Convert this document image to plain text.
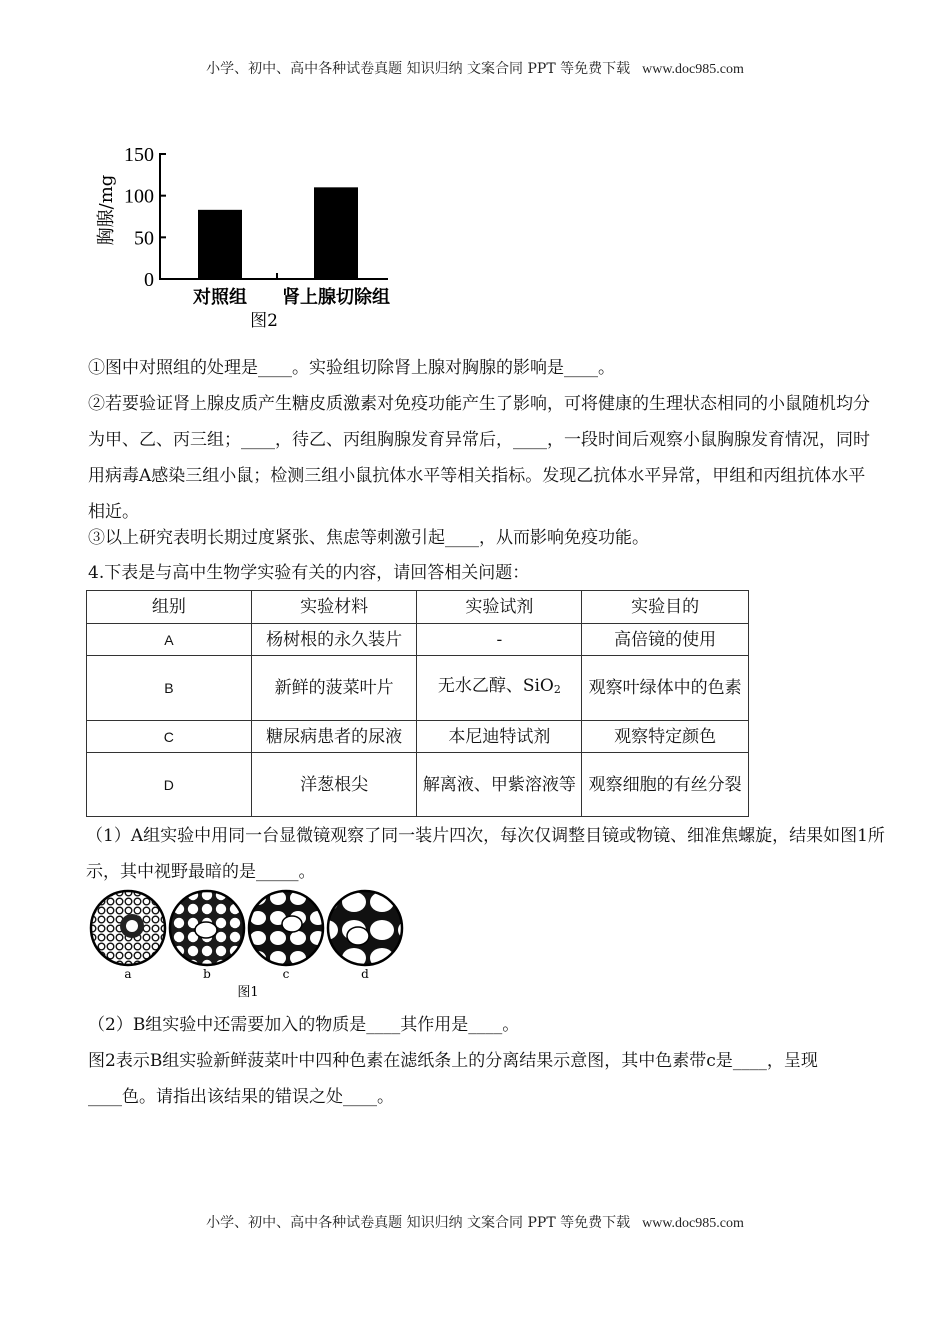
小学、初中、高中各种试卷真题 知识归纳 文案合同 PPT 等免费下载 www.doc985.com
胸腺/mg
0
50
100
150
对照组 肾上腺切除组
图2

①图中对照组的处理是____。实验组切除肾上腺对胸腺的影响是____。

②若要验证肾上腺皮质产生糖皮质激素对免疫功能产生了影响，可将健康的生理状态相同的小鼠随机均分为甲、乙、丙三组；____，待乙、丙组胸腺发育异常后，____，一段时间后观察小鼠胸腺发育情况，同时用病毒A感染三组小鼠；检测三组小鼠抗体水平等相关指标。发现乙抗体水平异常，甲组和丙组抗体水平相近。

③以上研究表明长期过度紧张、焦虑等刺激引起____，从而影响免疫功能。

4.下表是与高中生物学实验有关的内容，请回答相关问题：

组别	实验材料	实验试剂	实验目的
A	杨树根的永久装片	-	高倍镜的使用
B	新鲜的菠菜叶片	无水乙醇、SiO2	观察叶绿体中的色素
C	糖尿病患者的尿液	本尼迪特试剂	观察特定颜色
D	洋葱根尖	解离液、甲紫溶液等	观察细胞的有丝分裂

（1）A组实验中用同一台显微镜观察了同一装片四次，每次仅调整目镜或物镜、细准焦螺旋，结果如图1所示，其中视野最暗的是_____。

a	b	c	d
图1

（2）B组实验中还需要加入的物质是____其作用是____。

图2表示B组实验新鲜菠菜叶中四种色素在滤纸条上的分离结果示意图，其中色素带c是____，呈现____色。请指出该结果的错误之处____。

小学、初中、高中各种试卷真题 知识归纳 文案合同 PPT 等免费下载 www.doc985.com
